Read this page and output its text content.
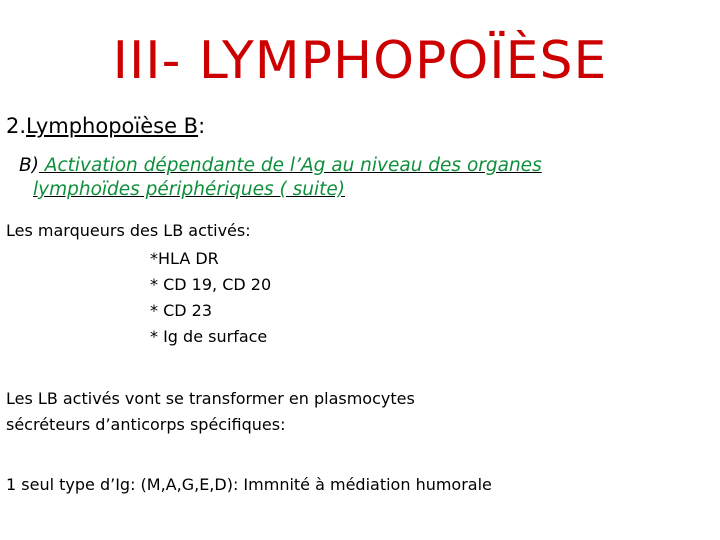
III- LYMPHOPOÏÈSE
2.Lymphopoïèse B:
B) Activation dépendante de l’Ag au niveau des organes
lymphoïdes périphériques ( suite)
Les marqueurs des LB activés:
*HLA DR
* CD 19, CD 20
* CD 23
* Ig de surface
Les LB activés vont se transformer en plasmocytes
sécréteurs d’anticorps spécifiques:
1 seul type d’Ig: (M,A,G,E,D): Immnité à médiation humorale
